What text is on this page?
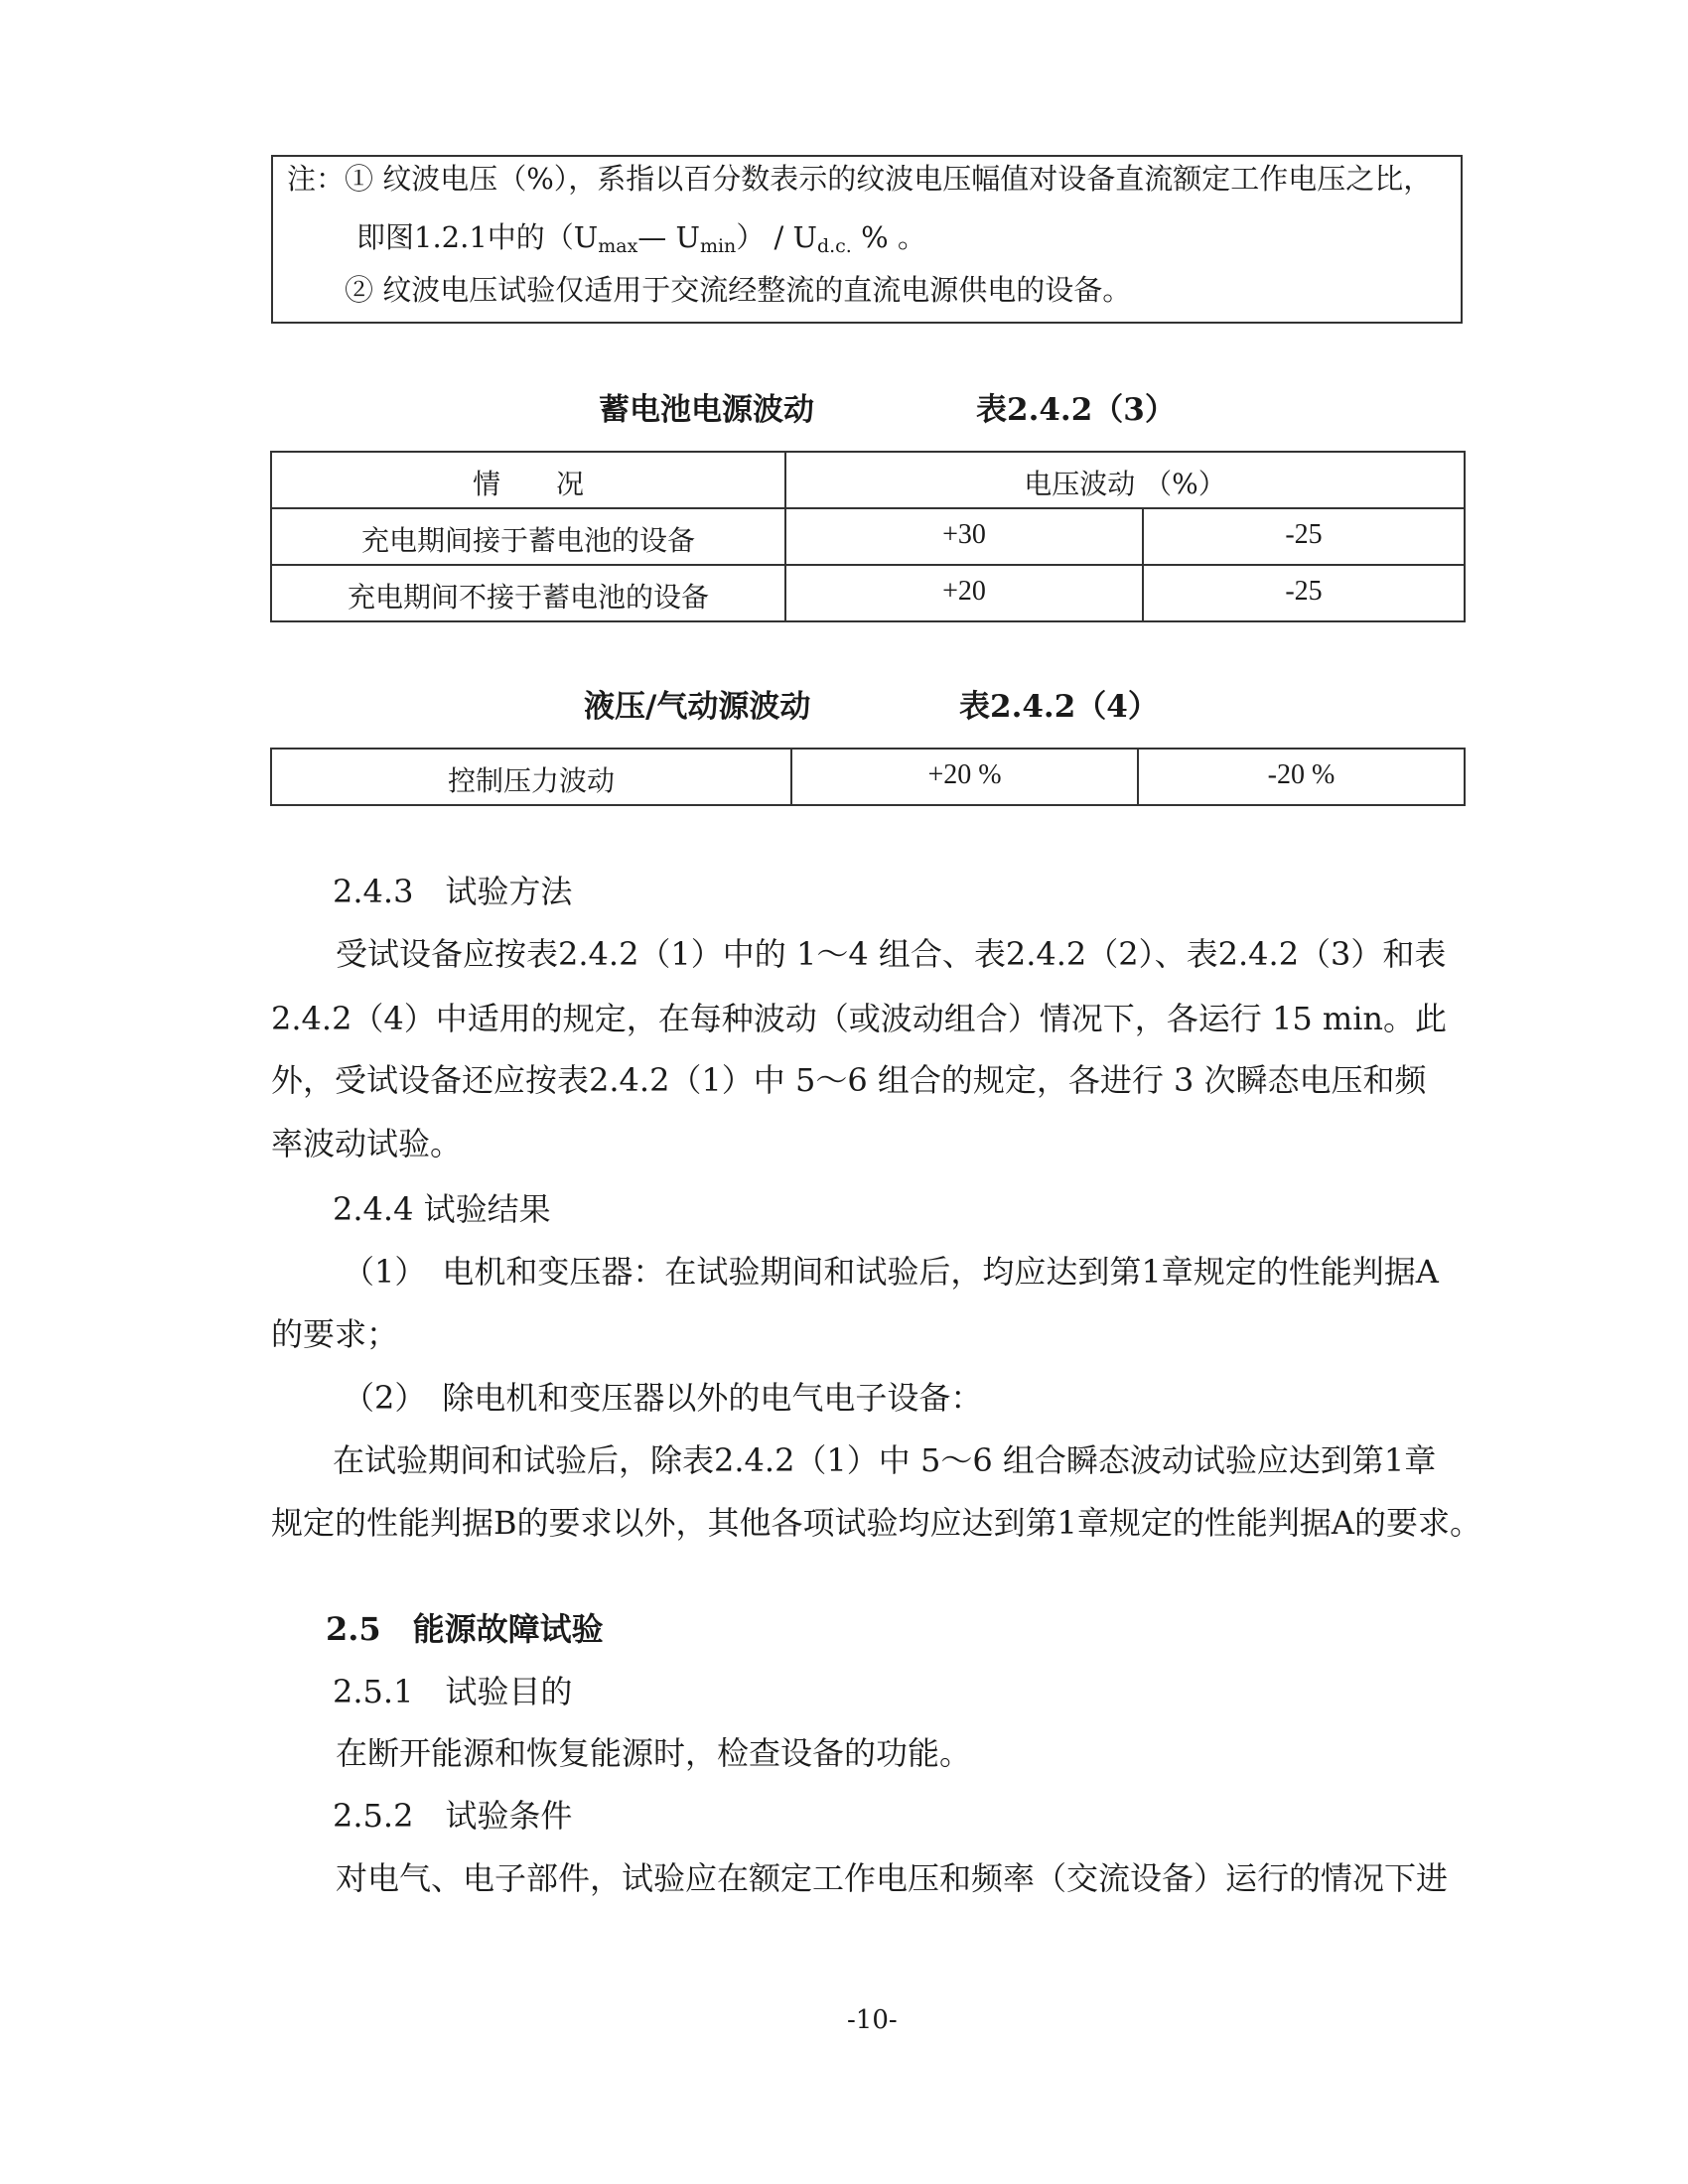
注：① 纹波电压（%），系指以百分数表示的纹波电压幅值对设备直流额定工作电压之比，
即图1.2.1中的（$U_{max}—$ $U_{min}) / U_{d.c.}$ % 。
② 纹波电压试验仅适用于交流经整流的直流电源供电的设备。
蓄电池电源波动	表2.4.2（3）
情　　况	电压波动 （%）	
充电期间接于蓄电池的设备	+30	-25
充电期间不接于蓄电池的设备	+20	-25
液压/气动源波动	表2.4.2（4）
控制压力波动	+20 %	-20 %
2.4.3　试验方法
受试设备应按表2.4.2（1）中的 1～4 组合、表2.4.2（2）、表2.4.2（3）和表
2.4.2（4）中适用的规定，在每种波动（或波动组合）情况下，各运行 15 min。此
外，受试设备还应按表2.4.2（1）中 5～6 组合的规定，各进行 3 次瞬态电压和频
率波动试验。
2.4.4 试验结果
（1）　电机和变压器：在试验期间和试验后，均应达到第1章规定的性能判据A
的要求；
（2）　除电机和变压器以外的电气电子设备：
在试验期间和试验后，除表2.4.2（1）中 5～6 组合瞬态波动试验应达到第1章
规定的性能判据B的要求以外，其他各项试验均应达到第1章规定的性能判据A的要求。
2.5　能源故障试验
2.5.1　试验目的
在断开能源和恢复能源时，检查设备的功能。
2.5.2　试验条件
对电气、电子部件，试验应在额定工作电压和频率（交流设备）运行的情况下进
-10-
